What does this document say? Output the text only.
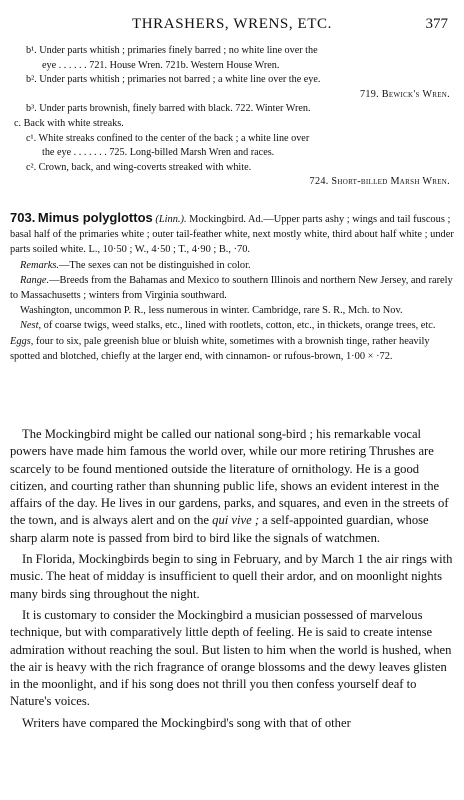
THRASHERS, WRENS, ETC.	377

b¹. Under parts whitish ; primaries finely barred ; no white line over the

eye . . . . . . 721. House Wren. 721b. Western House Wren.

b². Under parts whitish ; primaries not barred ; a white line over the eye.

719. Bewick's Wren.

b³. Under parts brownish, finely barred with black. 722. Winter Wren.

c. Back with white streaks.

c¹. White streaks confined to the center of the back ; a white line over

the eye . . . . . . . 725. Long-billed Marsh Wren and races.

c². Crown, back, and wing-coverts streaked with white.

724. Short-billed Marsh Wren.

703. Mimus polyglottos (Linn.). Mockingbird. Ad.—Upper parts ashy ; wings and tail fuscous ; basal half of the primaries white ; outer tail-feather white, next mostly white, third about half white ; under parts soiled white. L., 10·50 ; W., 4·50 ; T., 4·90 ; B., ·70.

Remarks.—The sexes can not be distinguished in color.

Range.—Breeds from the Bahamas and Mexico to southern Illinois and northern New Jersey, and rarely to Massachusetts ; winters from Virginia southward.

Washington, uncommon P. R., less numerous in winter. Cambridge, rare S. R., Mch. to Nov.

Nest, of coarse twigs, weed stalks, etc., lined with rootlets, cotton, etc., in thickets, orange trees, etc. Eggs, four to six, pale greenish blue or bluish white, sometimes with a brownish tinge, rather heavily spotted and blotched, chiefly at the larger end, with cinnamon- or rufous-brown, 1·00 × ·72.

The Mockingbird might be called our national song-bird ; his remarkable vocal powers have made him famous the world over, while our more retiring Thrushes are scarcely to be found mentioned outside the literature of ornithology. He is a good citizen, and courting rather than shunning public life, shows an evident interest in the affairs of the day. He lives in our gardens, parks, and squares, and even in the streets of the town, and is always alert and on the qui vive ; a self-appointed guardian, whose sharp alarm note is passed from bird to bird like the signals of watchmen.

In Florida, Mockingbirds begin to sing in February, and by March 1 the air rings with music. The heat of midday is insufficient to quell their ardor, and on moonlight nights many birds sing throughout the night.

It is customary to consider the Mockingbird a musician possessed of marvelous technique, but with comparatively little depth of feeling. He is said to create intense admiration without reaching the soul. But listen to him when the world is hushed, when the air is heavy with the rich fragrance of orange blossoms and the dewy leaves glisten in the moonlight, and if his song does not thrill you then confess yourself deaf to Nature's voices.

Writers have compared the Mockingbird's song with that of other
